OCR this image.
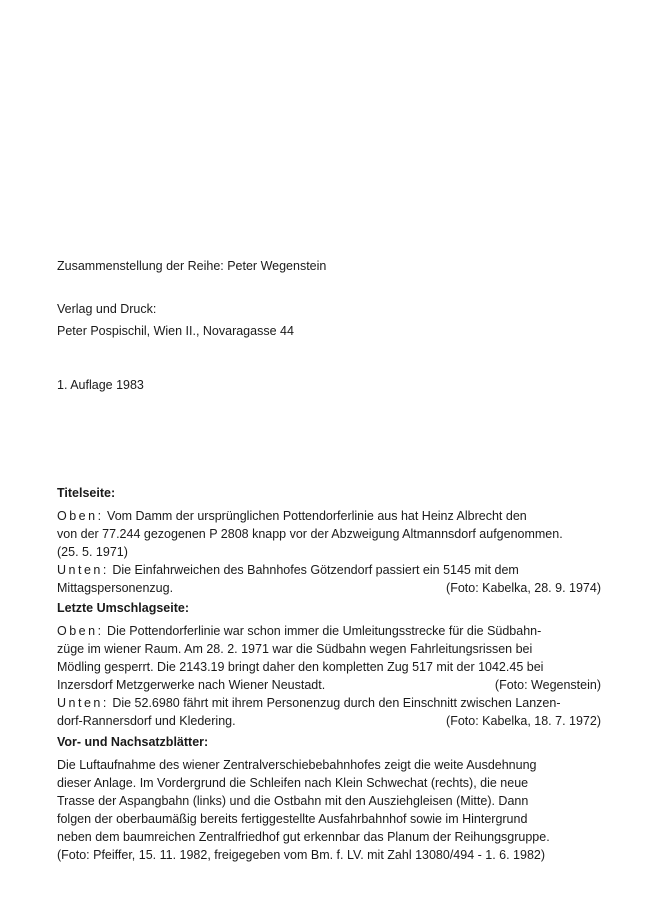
Zusammenstellung der Reihe: Peter Wegenstein

Verlag und Druck:

Peter Pospischil, Wien II., Novaragasse 44

1. Auflage 1983

Titelseite:

Oben: Vom Damm der ursprünglichen Pottendorferlinie aus hat Heinz Albrecht den

von der 77.244 gezogenen P 2808 knapp vor der Abzweigung Altmannsdorf aufgenommen.

(25. 5. 1971)

Unten: Die Einfahrweichen des Bahnhofes Götzendorf passiert ein 5145 mit dem

Mittagspersonenzug.	(Foto: Kabelka, 28. 9. 1974)

Letzte Umschlagseite:

Oben: Die Pottendorferlinie war schon immer die Umleitungsstrecke für die Südbahn-

züge im wiener Raum. Am 28. 2. 1971 war die Südbahn wegen Fahrleitungsrissen bei

Mödling gesperrt. Die 2143.19 bringt daher den kompletten Zug 517 mit der 1042.45 bei

Inzersdorf Metzgerwerke nach Wiener Neustadt.	(Foto: Wegenstein)

Unten: Die 52.6980 fährt mit ihrem Personenzug durch den Einschnitt zwischen Lanzen-

dorf-Rannersdorf und Kledering.	(Foto: Kabelka, 18. 7. 1972)

Vor- und Nachsatzblätter:

Die Luftaufnahme des wiener Zentralverschiebebahnhofes zeigt die weite Ausdehnung

dieser Anlage. Im Vordergrund die Schleifen nach Klein Schwechat (rechts), die neue

Trasse der Aspangbahn (links) und die Ostbahn mit den Ausziehgleisen (Mitte). Dann

folgen der oberbaumäßig bereits fertiggestellte Ausfahrbahnhof sowie im Hintergrund

neben dem baumreichen Zentralfriedhof gut erkennbar das Planum der Reihungsgruppe.

(Foto: Pfeiffer, 15. 11. 1982, freigegeben vom Bm. f. LV. mit Zahl 13080/494 - 1. 6. 1982)
